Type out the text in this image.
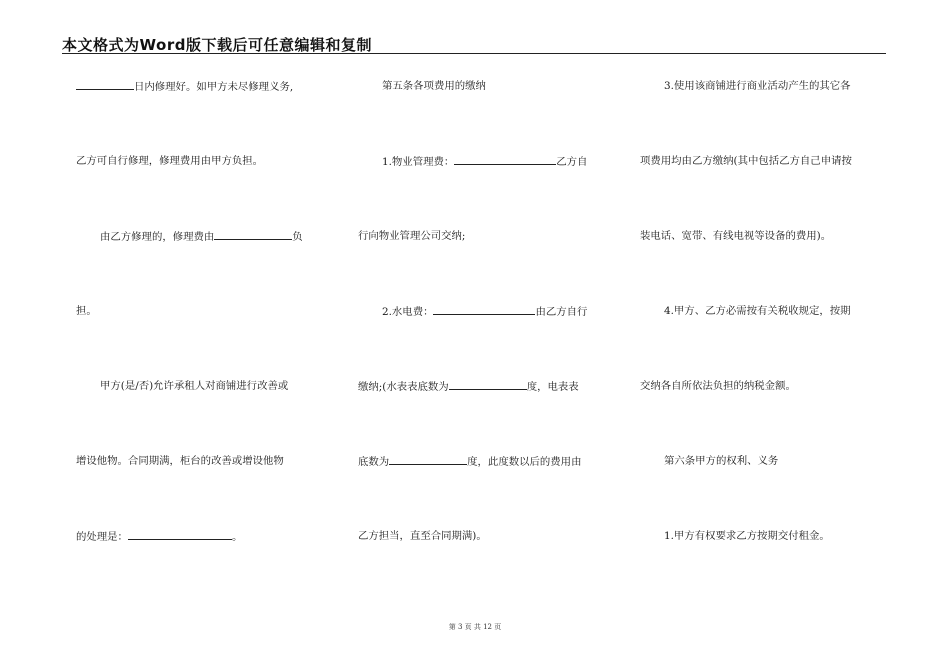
本文格式为Word版下载后可任意编辑和复制
日内修理好。如甲方未尽修理义务,
乙方可自行修理，修理费用由甲方负担。
由乙方修理的，修理费由	负
担。
甲方(是/否)允许承租人对商铺进行改善或
增设他物。合同期满，柜台的改善或增设他物
的处理是：	。
第五条各项费用的缴纳
1.物业管理费：	乙方自
行向物业管理公司交纳;
2.水电费：	由乙方自行
缴纳;(水表表底数为	度，电表表
底数为	度，此度数以后的费用由
乙方担当，直至合同期满)。
3.使用该商铺进行商业活动产生的其它各
项费用均由乙方缴纳(其中包括乙方自己申请按
装电话、宽带、有线电视等设备的费用)。
4.甲方、乙方必需按有关税收规定，按期
交纳各自所依法负担的纳税金额。
第六条甲方的权利、义务
1.甲方有权要求乙方按期交付租金。
第 3 页 共 12 页
